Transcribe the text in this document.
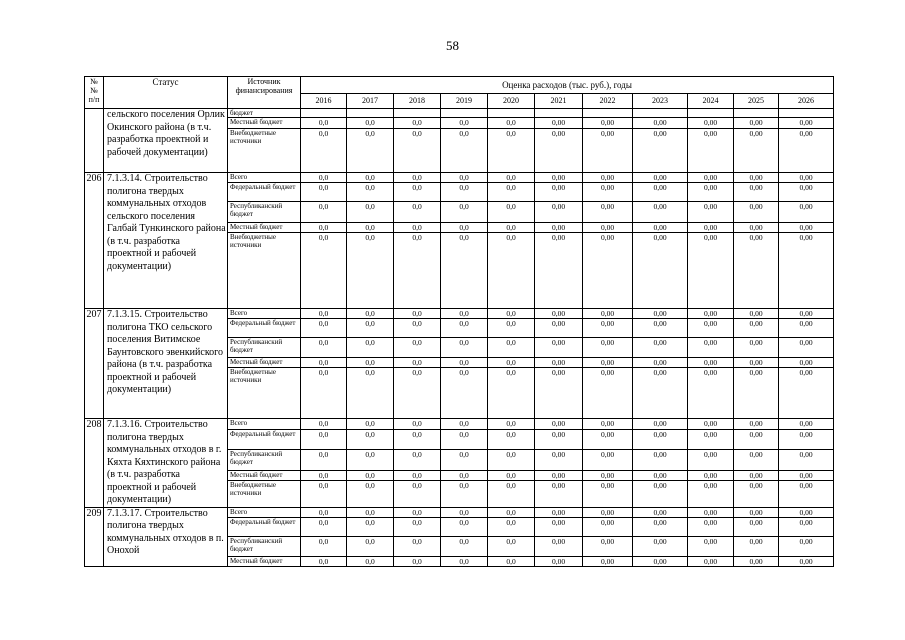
58
№
№
п/п	Статус	Источник финансирования	Оценка расходов (тыс. руб.), годы										
			2016	2017	2018	2019	2020	2021	2022	2023	2024	2025	2026
	сельского поселения Орлик Окинского района (в т.ч. разработка проектной и рабочей документации)	бюджет											
		Местный бюджет	0,0	0,0	0,0	0,0	0,0	0,00	0,00	0,00	0,00	0,00	0,00
		Внебюджетные источники	0,0	0,0	0,0	0,0	0,0	0,00	0,00	0,00	0,00	0,00	0,00
206	7.1.3.14. Строительство полигона твердых коммунальных отходов сельского поселения Галбай Тункинского района (в т.ч. разработка проектной и рабочей документации)	Всего	0,0	0,0	0,0	0,0	0,0	0,00	0,00	0,00	0,00	0,00	0,00
		Федеральный бюджет	0,0	0,0	0,0	0,0	0,0	0,00	0,00	0,00	0,00	0,00	0,00
		Республиканский бюджет	0,0	0,0	0,0	0,0	0,0	0,00	0,00	0,00	0,00	0,00	0,00
		Местный бюджет	0,0	0,0	0,0	0,0	0,0	0,00	0,00	0,00	0,00	0,00	0,00
		Внебюджетные источники	0,0	0,0	0,0	0,0	0,0	0,00	0,00	0,00	0,00	0,00	0,00
207	7.1.3.15. Строительство полигона ТКО сельского поселения Витимское Баунтовского эвенкийского района (в т.ч. разработка проектной и рабочей документации)	Всего	0,0	0,0	0,0	0,0	0,0	0,00	0,00	0,00	0,00	0,00	0,00
		Федеральный бюджет	0,0	0,0	0,0	0,0	0,0	0,00	0,00	0,00	0,00	0,00	0,00
		Республиканский бюджет	0,0	0,0	0,0	0,0	0,0	0,00	0,00	0,00	0,00	0,00	0,00
		Местный бюджет	0,0	0,0	0,0	0,0	0,0	0,00	0,00	0,00	0,00	0,00	0,00
		Внебюджетные источники	0,0	0,0	0,0	0,0	0,0	0,00	0,00	0,00	0,00	0,00	0,00
208	7.1.3.16. Строительство полигона твердых коммунальных отходов в г. Кяхта Кяхтинского района (в т.ч. разработка проектной и рабочей документации)	Всего	0,0	0,0	0,0	0,0	0,0	0,00	0,00	0,00	0,00	0,00	0,00
		Федеральный бюджет	0,0	0,0	0,0	0,0	0,0	0,00	0,00	0,00	0,00	0,00	0,00
		Республиканский бюджет	0,0	0,0	0,0	0,0	0,0	0,00	0,00	0,00	0,00	0,00	0,00
		Местный бюджет	0,0	0,0	0,0	0,0	0,0	0,00	0,00	0,00	0,00	0,00	0,00
		Внебюджетные источники	0,0	0,0	0,0	0,0	0,0	0,00	0,00	0,00	0,00	0,00	0,00
209	7.1.3.17. Строительство полигона твердых коммунальных отходов в п. Онохой	Всего	0,0	0,0	0,0	0,0	0,0	0,00	0,00	0,00	0,00	0,00	0,00
		Федеральный бюджет	0,0	0,0	0,0	0,0	0,0	0,00	0,00	0,00	0,00	0,00	0,00
		Республиканский бюджет	0,0	0,0	0,0	0,0	0,0	0,00	0,00	0,00	0,00	0,00	0,00
		Местный бюджет	0,0	0,0	0,0	0,0	0,0	0,00	0,00	0,00	0,00	0,00	0,00
